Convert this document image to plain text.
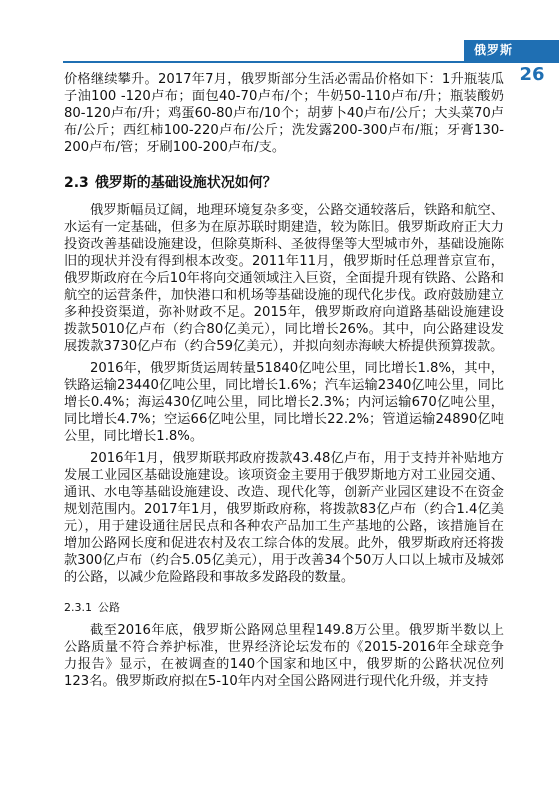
俄罗斯
26

价格继续攀升。2017年7月，俄罗斯部分生活必需品价格如下：1升瓶装瓜子油100 -120卢布；面包40-70卢布/个；牛奶50-110卢布/升；瓶装酸奶80-120卢布/升；鸡蛋60-80卢布/10个；胡萝卜40卢布/公斤；大头菜70卢布/公斤；西红柿100-220卢布/公斤；洗发露200-300卢布/瓶；牙膏130-200卢布/管；牙刷100-200卢布/支。

2.3 俄罗斯的基础设施状况如何？

俄罗斯幅员辽阔，地理环境复杂多变，公路交通较落后，铁路和航空、水运有一定基础，但多为在原苏联时期建造，较为陈旧。俄罗斯政府正大力投资改善基础设施建设，但除莫斯科、圣彼得堡等大型城市外，基础设施陈旧的现状并没有得到根本改变。2011年11月，俄罗斯时任总理普京宣布，俄罗斯政府在今后10年将向交通领域注入巨资，全面提升现有铁路、公路和航空的运营条件，加快港口和机场等基础设施的现代化步伐。政府鼓励建立多种投资渠道，弥补财政不足。2015年，俄罗斯政府向道路基础设施建设拨款5010亿卢布（约合80亿美元），同比增长26%。其中，向公路建设发展拨款3730亿卢布（约合59亿美元），并拟向刻赤海峡大桥提供预算拨款。

2016年，俄罗斯货运周转量51840亿吨公里，同比增长1.8%，其中，铁路运输23440亿吨公里，同比增长1.6%；汽车运输2340亿吨公里，同比增长0.4%；海运430亿吨公里，同比增长2.3%；内河运输670亿吨公里，同比增长4.7%；空运66亿吨公里，同比增长22.2%；管道运输24890亿吨公里，同比增长1.8%。

2016年1月，俄罗斯联邦政府拨款43.48亿卢布，用于支持并补贴地方发展工业园区基础设施建设。该项资金主要用于俄罗斯地方对工业园交通、通讯、水电等基础设施建设、改造、现代化等，创新产业园区建设不在资金规划范围内。2017年1月，俄罗斯政府称，将拨款83亿卢布（约合1.4亿美元），用于建设通往居民点和各种农产品加工生产基地的公路，该措施旨在增加公路网长度和促进农村及农工综合体的发展。此外，俄罗斯政府还将拨款300亿卢布（约合5.05亿美元），用于改善34个50万人口以上城市及城郊的公路，以减少危险路段和事故多发路段的数量。

2.3.1 公路

截至2016年底，俄罗斯公路网总里程149.8万公里。俄罗斯半数以上公路质量不符合养护标准，世界经济论坛发布的《2015-2016年全球竞争力报告》显示，在被调查的140个国家和地区中，俄罗斯的公路状况位列123名。俄罗斯政府拟在5-10年内对全国公路网进行现代化升级，并支持
